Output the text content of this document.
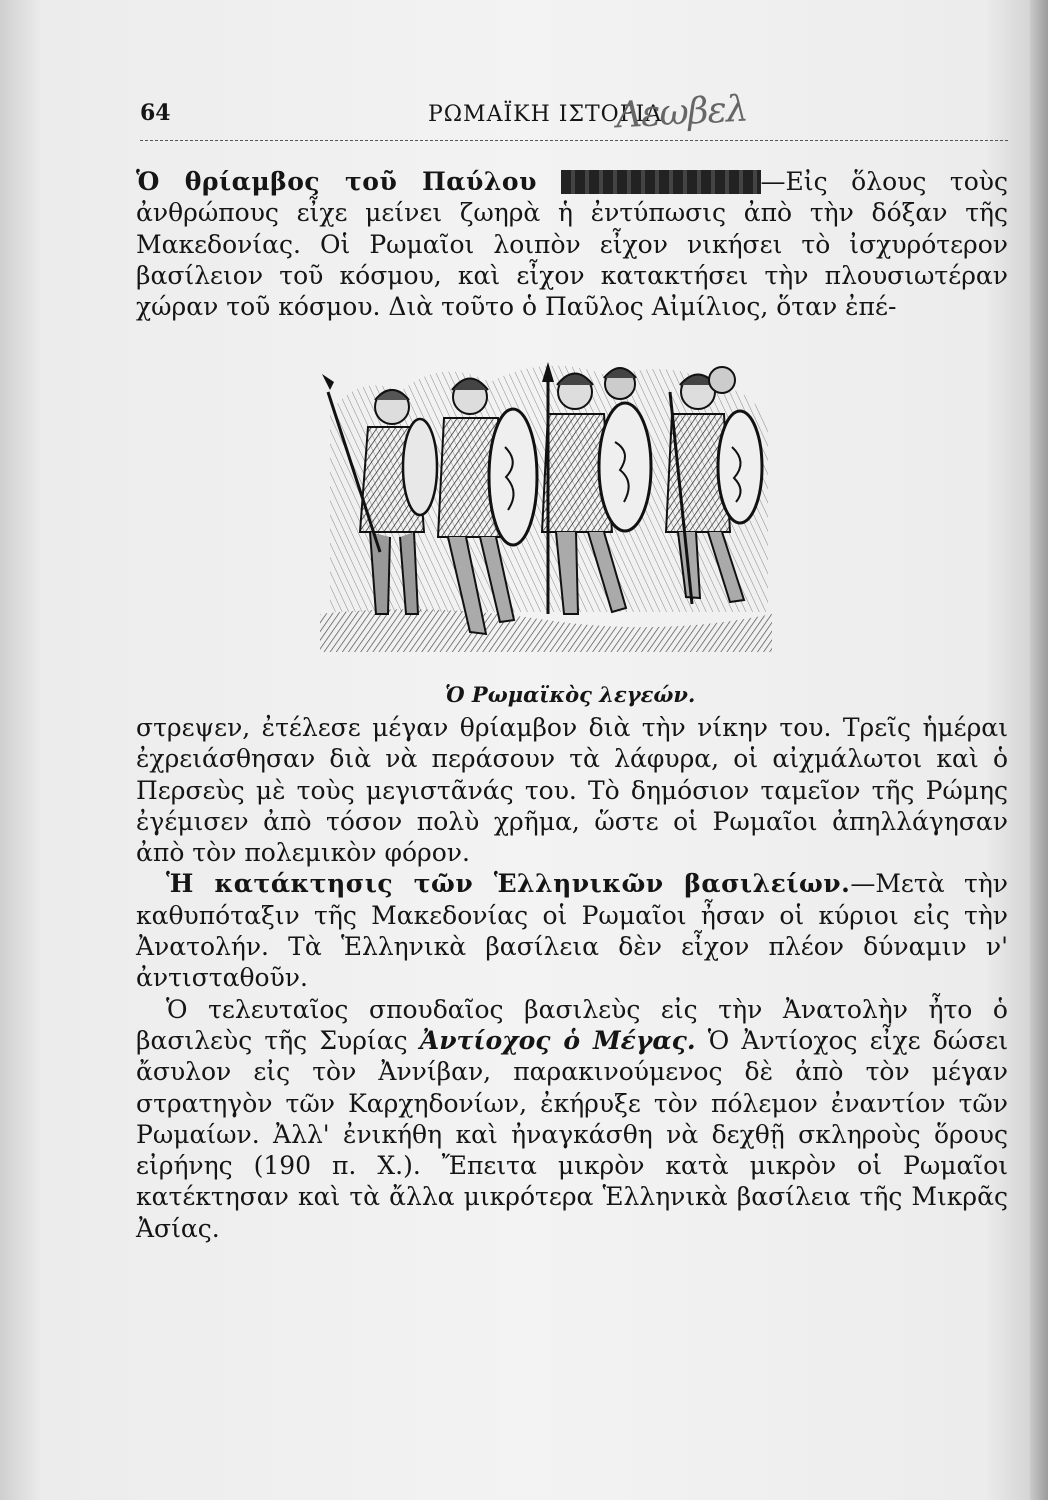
64	ΡΩΜΑΪΚΗ ΙΣΤΟΡΙΑ
Λεωβελ

Ὁ θρίαμβος τοῦ Παύλου	—Εἰς ὅλους τοὺς ἀνθρώπους εἶχε μείνει ζωηρὰ ἡ ἐντύπωσις ἀπὸ τὴν δόξαν τῆς Μακεδονίας. Οἱ Ρωμαῖοι λοιπὸν εἶχον νικήσει τὸ ἰσχυρότερον βασίλειον τοῦ κόσμου, καὶ εἶχον κατακτήσει τὴν πλουσιωτέραν χώραν τοῦ κόσμου. Διὰ τοῦτο ὁ Παῦλος Αἰμίλιος, ὅταν ἐπέ-

Ὁ Ρωμαϊκὸς λεγεών.

στρεψεν, ἐτέλεσε μέγαν θρίαμβον διὰ τὴν νίκην του. Τρεῖς ἡμέραι ἐχρειάσθησαν διὰ νὰ περάσουν τὰ λάφυρα, οἱ αἰχμάλωτοι καὶ ὁ Περσεὺς μὲ τοὺς μεγιστᾶνάς του. Τὸ δημόσιον ταμεῖον τῆς Ρώμης ἐγέμισεν ἀπὸ τόσον πολὺ χρῆμα, ὥστε οἱ Ρωμαῖοι ἀπηλλάγησαν ἀπὸ τὸν πολεμικὸν φόρον.

Ἡ κατάκτησις τῶν Ἑλληνικῶν βασιλείων.—Μετὰ τὴν καθυπόταξιν τῆς Μακεδονίας οἱ Ρωμαῖοι ἦσαν οἱ κύριοι εἰς τὴν Ἀνατολήν. Τὰ Ἑλληνικὰ βασίλεια δὲν εἶχον πλέον δύναμιν ν' ἀντισταθοῦν.

Ὁ τελευταῖος σπουδαῖος βασιλεὺς εἰς τὴν Ἀνατολὴν ἦτο ὁ βασιλεὺς τῆς Συρίας Ἀντίοχος ὁ Μέγας. Ὁ Ἀντίοχος εἶχε δώσει ἄσυλον εἰς τὸν Ἀννίβαν, παρακινούμενος δὲ ἀπὸ τὸν μέγαν στρατηγὸν τῶν Καρχηδονίων, ἐκήρυξε τὸν πόλεμον ἐναντίον τῶν Ρωμαίων. Ἀλλ' ἐνικήθη καὶ ἠναγκάσθη νὰ δεχθῇ σκληροὺς ὅρους εἰρήνης (190 π. Χ.). Ἔπειτα μικρὸν κατὰ μικρὸν οἱ Ρωμαῖοι κατέκτησαν καὶ τὰ ἄλλα μικρότερα Ἑλληνικὰ βασίλεια τῆς Μικρᾶς Ἀσίας.
